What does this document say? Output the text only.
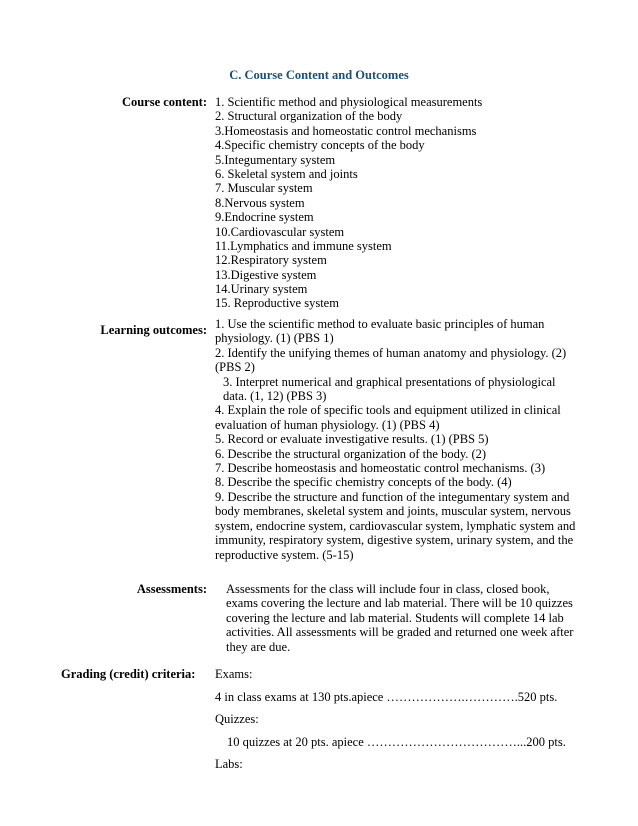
C. Course Content and Outcomes
Course content: 1. Scientific method and physiological measurements
2. Structural organization of the body
3.Homeostasis and homeostatic control mechanisms
4.Specific chemistry concepts of the body
5.Integumentary system
6. Skeletal system and joints
7. Muscular system
8.Nervous system
9.Endocrine system
10.Cardiovascular system
11.Lymphatics and immune system
12.Respiratory system
13.Digestive system
14.Urinary system
15. Reproductive system
Learning outcomes: 1. Use the scientific method to evaluate basic principles of human physiology. (1) (PBS 1)
2. Identify the unifying themes of human anatomy and physiology. (2) (PBS 2)
3. Interpret numerical and graphical presentations of physiological data. (1, 12) (PBS 3)
4. Explain the role of specific tools and equipment utilized in clinical evaluation of human physiology. (1) (PBS 4)
5. Record or evaluate investigative results. (1) (PBS 5)
6. Describe the structural organization of the body. (2)
7. Describe homeostasis and homeostatic control mechanisms. (3)
8. Describe the specific chemistry concepts of the body. (4)
9. Describe the structure and function of the integumentary system and body membranes, skeletal system and joints, muscular system, nervous system, endocrine system, cardiovascular system, lymphatic system and immunity, respiratory system, digestive system, urinary system, and the reproductive system. (5-15)
Assessments: Assessments for the class will include four in class, closed book, exams covering the lecture and lab material. There will be 10 quizzes covering the lecture and lab material. Students will complete 14 lab activities. All assessments will be graded and returned one week after they are due.
Grading (credit) criteria: Exams:
4 in class exams at 130 pts.apiece ……………….………….520 pts.
Quizzes:
10 quizzes at 20 pts. apiece ………………………………...200 pts.
Labs:
